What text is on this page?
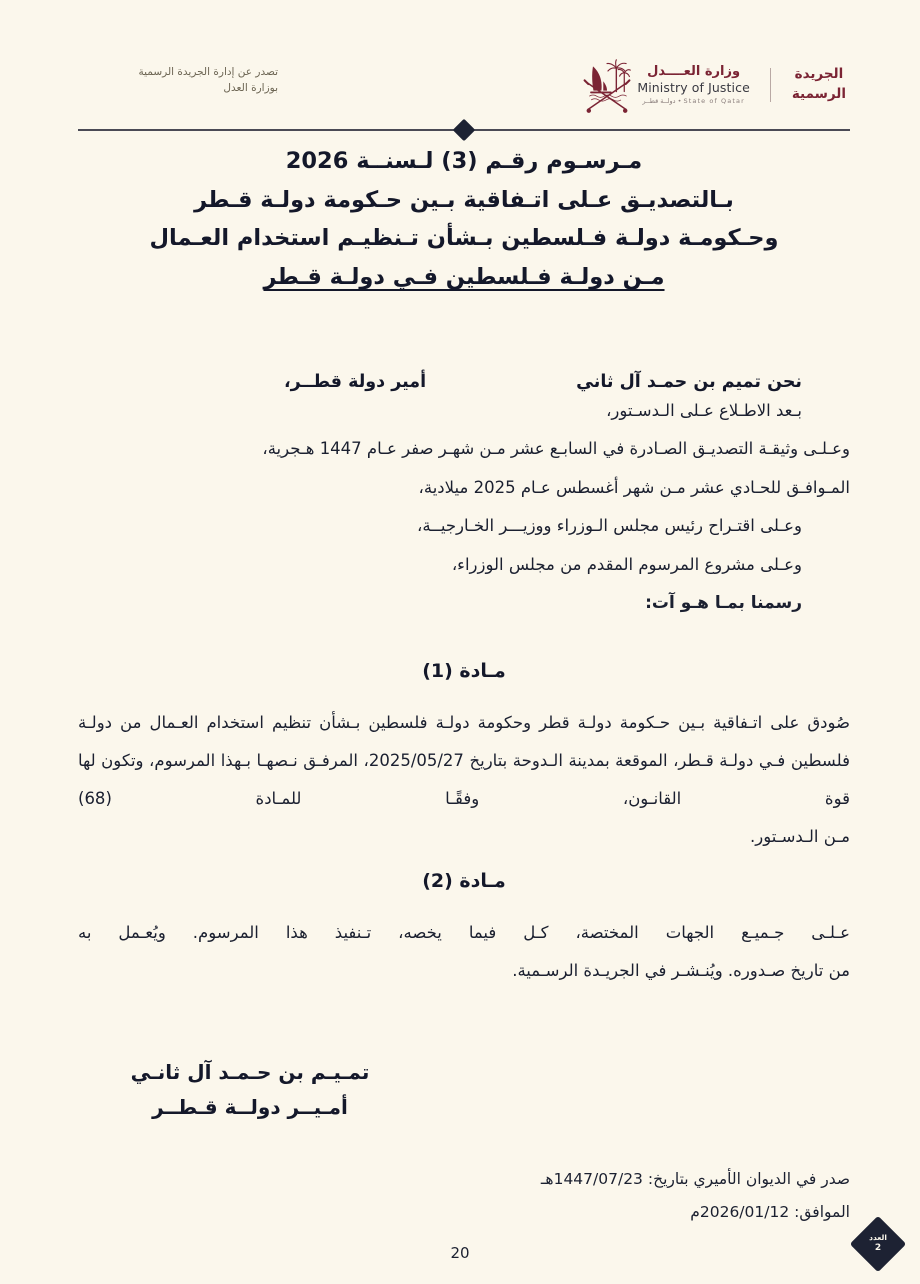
تصدر عن إدارة الجريدة الرسمية
بوزارة العدل
الجريدة
الرسمية
وزارة العــــدل
Ministry of Justice
دولــة قطــر • State of Qatar
مـرسـوم رقـم (3) لـسنــة 2026
بـالتصديـق عـلى اتـفاقية بـين حـكومة دولـة قـطر
وحـكومـة دولـة فـلسطين بـشأن تـنظيـم استخدام العـمال
مـن دولـة فـلسطين فـي دولـة قـطر
نحن تميم بن حمـد آل ثاني
أمير دولة قطــر،
بـعد الاطـلاع عـلى الـدسـتور،
وعـلـى وثيقـة التصديـق الصـادرة في السابـع عشر مـن شهـر صفر عـام 1447 هـجرية،
المـوافـق للحـادي عشر مـن شهر أغسطس عـام 2025 ميلادية،
وعـلى اقتـراح رئيس مجلس الـوزراء ووزيـــر الخـارجيــة،
وعـلى مشروع المرسوم المقدم من مجلس الوزراء،
رسمنا بمـا هـو آت:
مـادة (1)
صُودق على اتـفاقية بـين حـكومة دولـة قطر وحكومة دولـة فلسطين بـشأن تنظيم استخدام العـمال من دولـة فلسطين فـي دولـة قـطر، الموقعة بمدينة الـدوحة بتاريخ 2025/05/27، المرفـق نـصهـا بـهذا المرسوم، وتكون لها قوة القانـون، وفقًـا للمـادة (68)
مـن الـدسـتور.
مـادة (2)
عـلـى جـميـع الجهات المختصة، كـل فيما يخصه، تـنفيذ هذا المرسوم. ويُعـمل به
من تاريخ صـدوره. ويُنـشـر في الجريـدة الرسـمية.
تمـيـم بن حـمـد آل ثانـي
أمـيــر دولــة قـطــر
صدر في الديوان الأميري بتاريخ: 1447/07/23هـ
الموافق: 2026/01/12م
20
العدد
2
